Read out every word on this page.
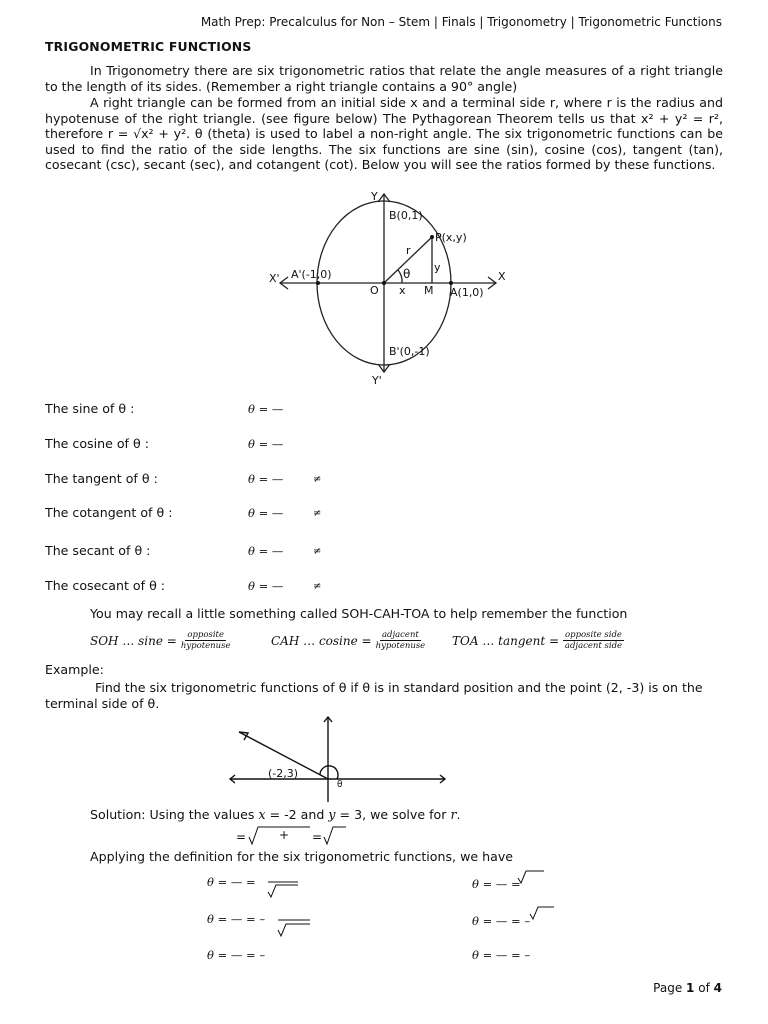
Math Prep: Precalculus for Non – Stem | Finals | Trigonometry | Trigonometric Functions
TRIGONOMETRIC FUNCTIONS

In Trigonometry there are six trigonometric ratios that relate the angle measures of a right triangle to the length of its sides. (Remember a right triangle contains a 90° angle)

A right triangle can be formed from an initial side x and a terminal side r, where r is the radius and hypotenuse of the right triangle. (see figure below) The Pythagorean Theorem tells us that x² + y² = r², therefore r = √x² + y². θ (theta) is used to label a non-right angle. The six trigonometric functions can be used to find the ratio of the side lengths. The six functions are sine (sin), cosine (cos), tangent (tan), cosecant (csc), secant (sec), and cotangent (cot). Below you will see the ratios formed by these functions.

Y
Y'
X
X'
B(0,1)
P(x,y)
A'(-1,0)
A(1,0)
B'(0,-1)
O x M
r
y
θ
The sine of θ :	θ = —
The cosine of θ :	θ = —
The tangent of θ :	θ = —	≠
The cotangent of θ :	θ = —	≠
The secant of θ :	θ = —	≠
The cosecant of θ :	θ = —	≠
You may recall a little something called SOH-CAH-TOA to help remember the function
SOH … $\sin e = \frac{\text{opposite}}{\text{hypotenuse}}$	CAH … $cosine = \frac{\text{adjacent}}{\text{hypotenuse}}$ TOA … tangent = $\frac{\text{opposite side}}{\text{adjacent side}}$
Example:

Find the six trigonometric functions of θ if θ is in standard position and the point (2, -3) is on the terminal side of θ.

(-2,3)
θ
Solution: Using the values x = -2 and y = 3, we solve for r.
=	+ =
Applying the definition for the six trigonometric functions, we have
θ = — =	θ = — =
θ = — = –	θ = — = –
θ = — = –	θ = — = –
Page 1 of 4
